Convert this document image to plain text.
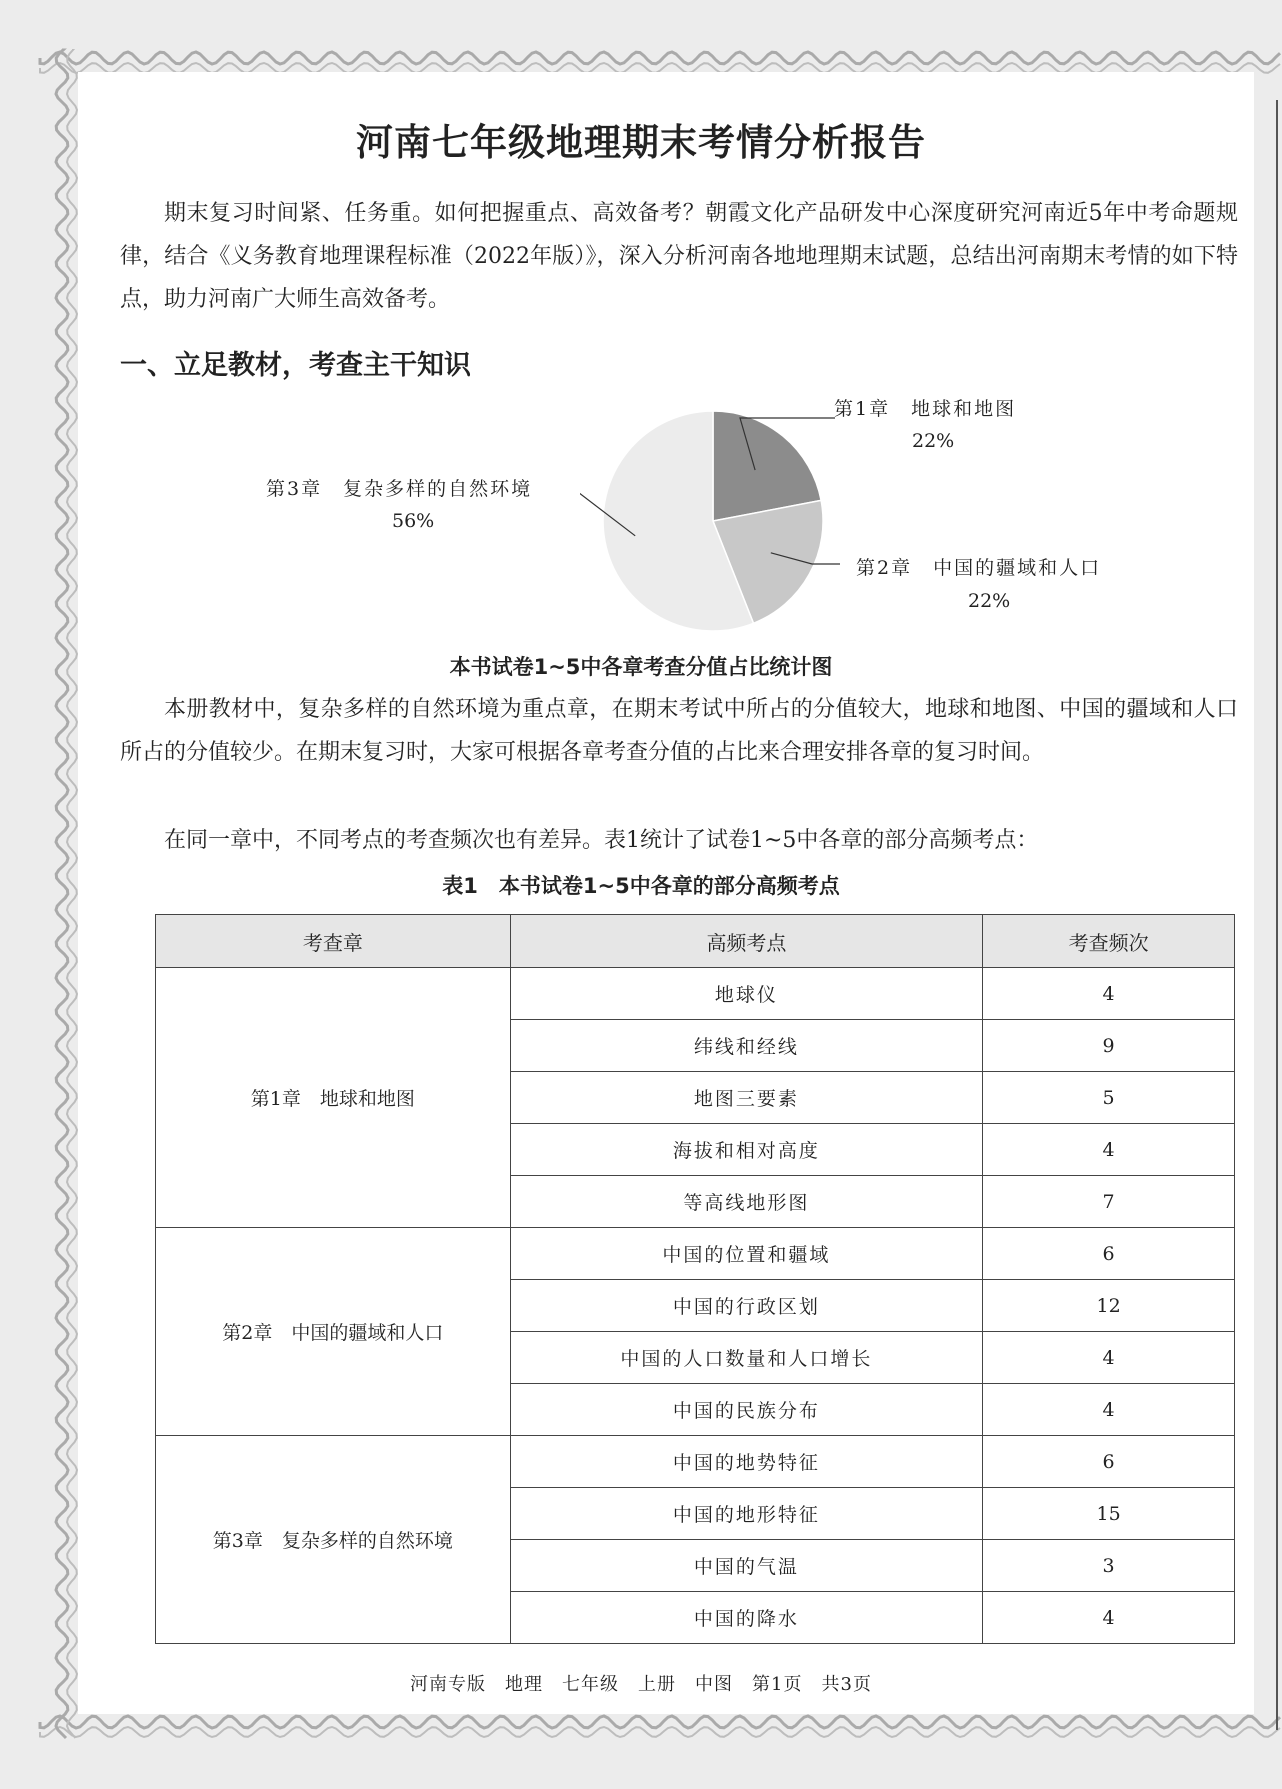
河南七年级地理期末考情分析报告
期末复习时间紧、任务重。如何把握重点、高效备考？朝霞文化产品研发中心深度研究河南近5年中考命题规律，结合《义务教育地理课程标准（2022年版）》，深入分析河南各地地理期末试题，总结出河南期末考情的如下特点，助力河南广大师生高效备考。
一、立足教材，考查主干知识
第1章　地球和地图
22%
第2章　中国的疆域和人口
22%
第3章　复杂多样的自然环境
56%
本书试卷1~5中各章考查分值占比统计图
本册教材中，复杂多样的自然环境为重点章，在期末考试中所占的分值较大，地球和地图、中国的疆域和人口所占的分值较少。在期末复习时，大家可根据各章考查分值的占比来合理安排各章的复习时间。
在同一章中，不同考点的考查频次也有差异。表1统计了试卷1~5中各章的部分高频考点：
表1　本书试卷1~5中各章的部分高频考点
考查章	高频考点	考查频次
第1章　地球和地图	地球仪	4
	纬线和经线	9
	地图三要素	5
	海拔和相对高度	4
	等高线地形图	7
第2章　中国的疆域和人口	中国的位置和疆域	6
	中国的行政区划	12
	中国的人口数量和人口增长	4
	中国的民族分布	4
第3章　复杂多样的自然环境	中国的地势特征	6
	中国的地形特征	15
	中国的气温	3
	中国的降水	4
河南专版　地理　七年级　上册　中图　第1页　共3页
